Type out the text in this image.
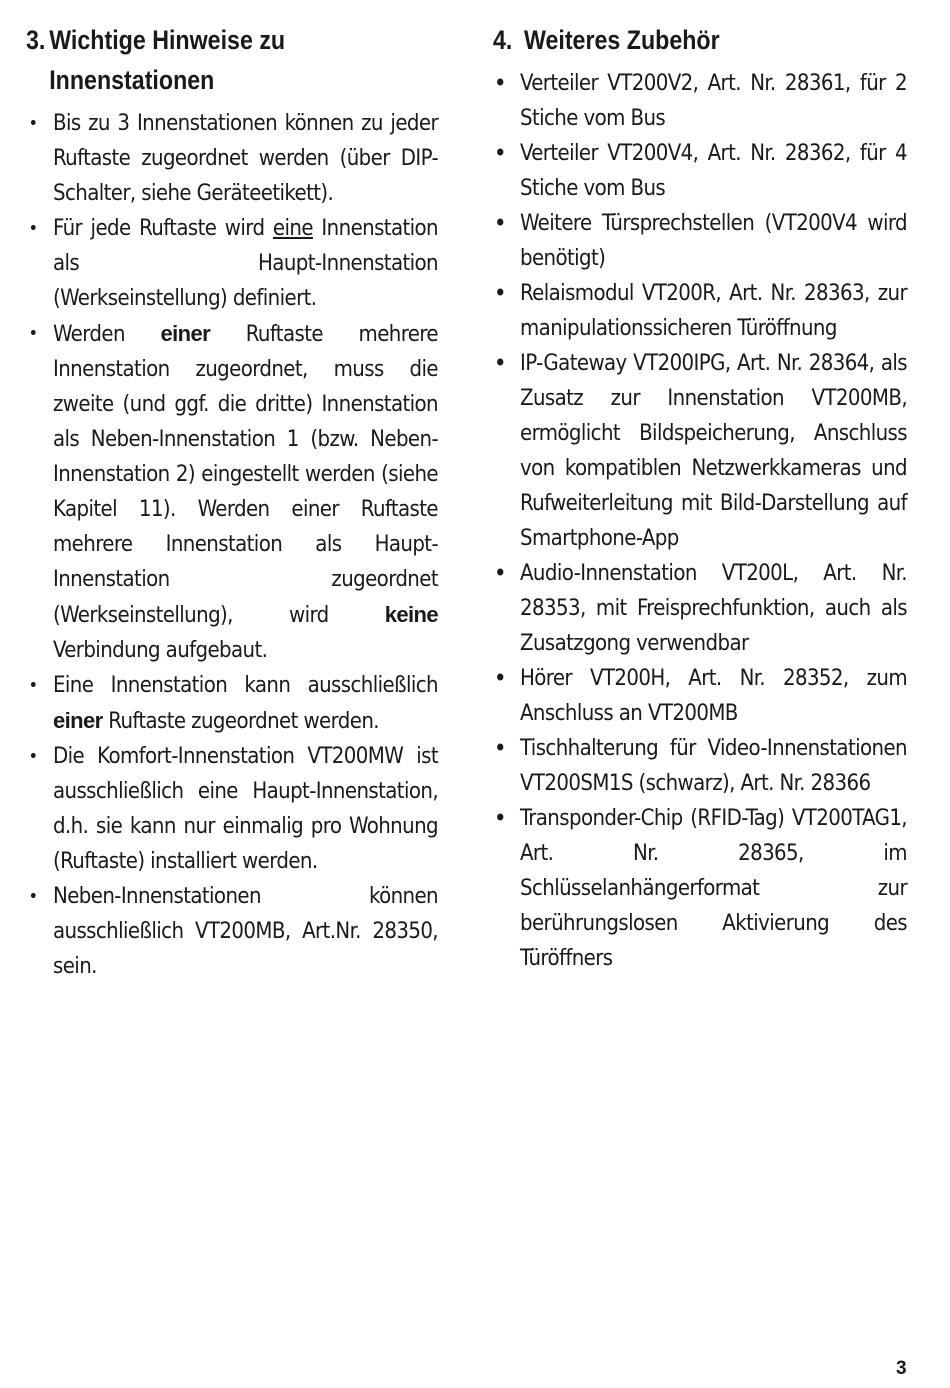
3. Wichtige Hinweise zu
Innenstationen
• Bis zu 3 Innenstationen können zu jeder Ruftaste zugeordnet werden (über DIP-Schalter, siehe Geräteetikett).
• Für jede Ruftaste wird eine Innenstation als Haupt-Innenstation (Werkseinstellung) definiert.
• Werden einer Ruftaste mehrere Innenstation zugeordnet, muss die zweite (und ggf. die dritte) Innenstation als Neben-Innenstation 1 (bzw. Neben-Innenstation 2) eingestellt werden (siehe Kapitel 11). Werden einer Ruftaste mehrere Innenstation als Haupt-Innenstation zugeordnet (Werkseinstellung), wird keine Verbindung aufgebaut.
• Eine Innenstation kann ausschließlich einer Ruftaste zugeordnet werden.
• Die Komfort-Innenstation VT200MW ist ausschließlich eine Haupt-Innenstation, d.h. sie kann nur einmalig pro Wohnung (Ruftaste) installiert werden.
• Neben-Innenstationen können ausschließlich VT200MB, Art.Nr. 28350, sein.
4. Weiteres Zubehör
• Verteiler VT200V2, Art. Nr. 28361, für 2 Stiche vom Bus
• Verteiler VT200V4, Art. Nr. 28362, für 4 Stiche vom Bus
• Weitere Türsprechstellen (VT200V4 wird benötigt)
• Relaismodul VT200R, Art. Nr. 28363, zur manipulationssicheren Türöffnung
• IP-Gateway VT200IPG, Art. Nr. 28364, als Zusatz zur Innenstation VT200MB, ermöglicht Bildspeicherung, Anschluss von kompatiblen Netzwerkkameras und Rufweiterleitung mit Bild-Darstellung auf Smartphone-App
• Audio-Innenstation VT200L, Art. Nr. 28353, mit Freisprechfunktion, auch als Zusatzgong verwendbar
• Hörer VT200H, Art. Nr. 28352, zum Anschluss an VT200MB
• Tischhalterung für Video-Innenstationen VT200SM1S (schwarz), Art. Nr. 28366
• Transponder-Chip (RFID-Tag) VT200TAG1, Art. Nr. 28365, im Schlüsselanhängerformat zur berührungslosen Aktivierung des Türöffners
3
